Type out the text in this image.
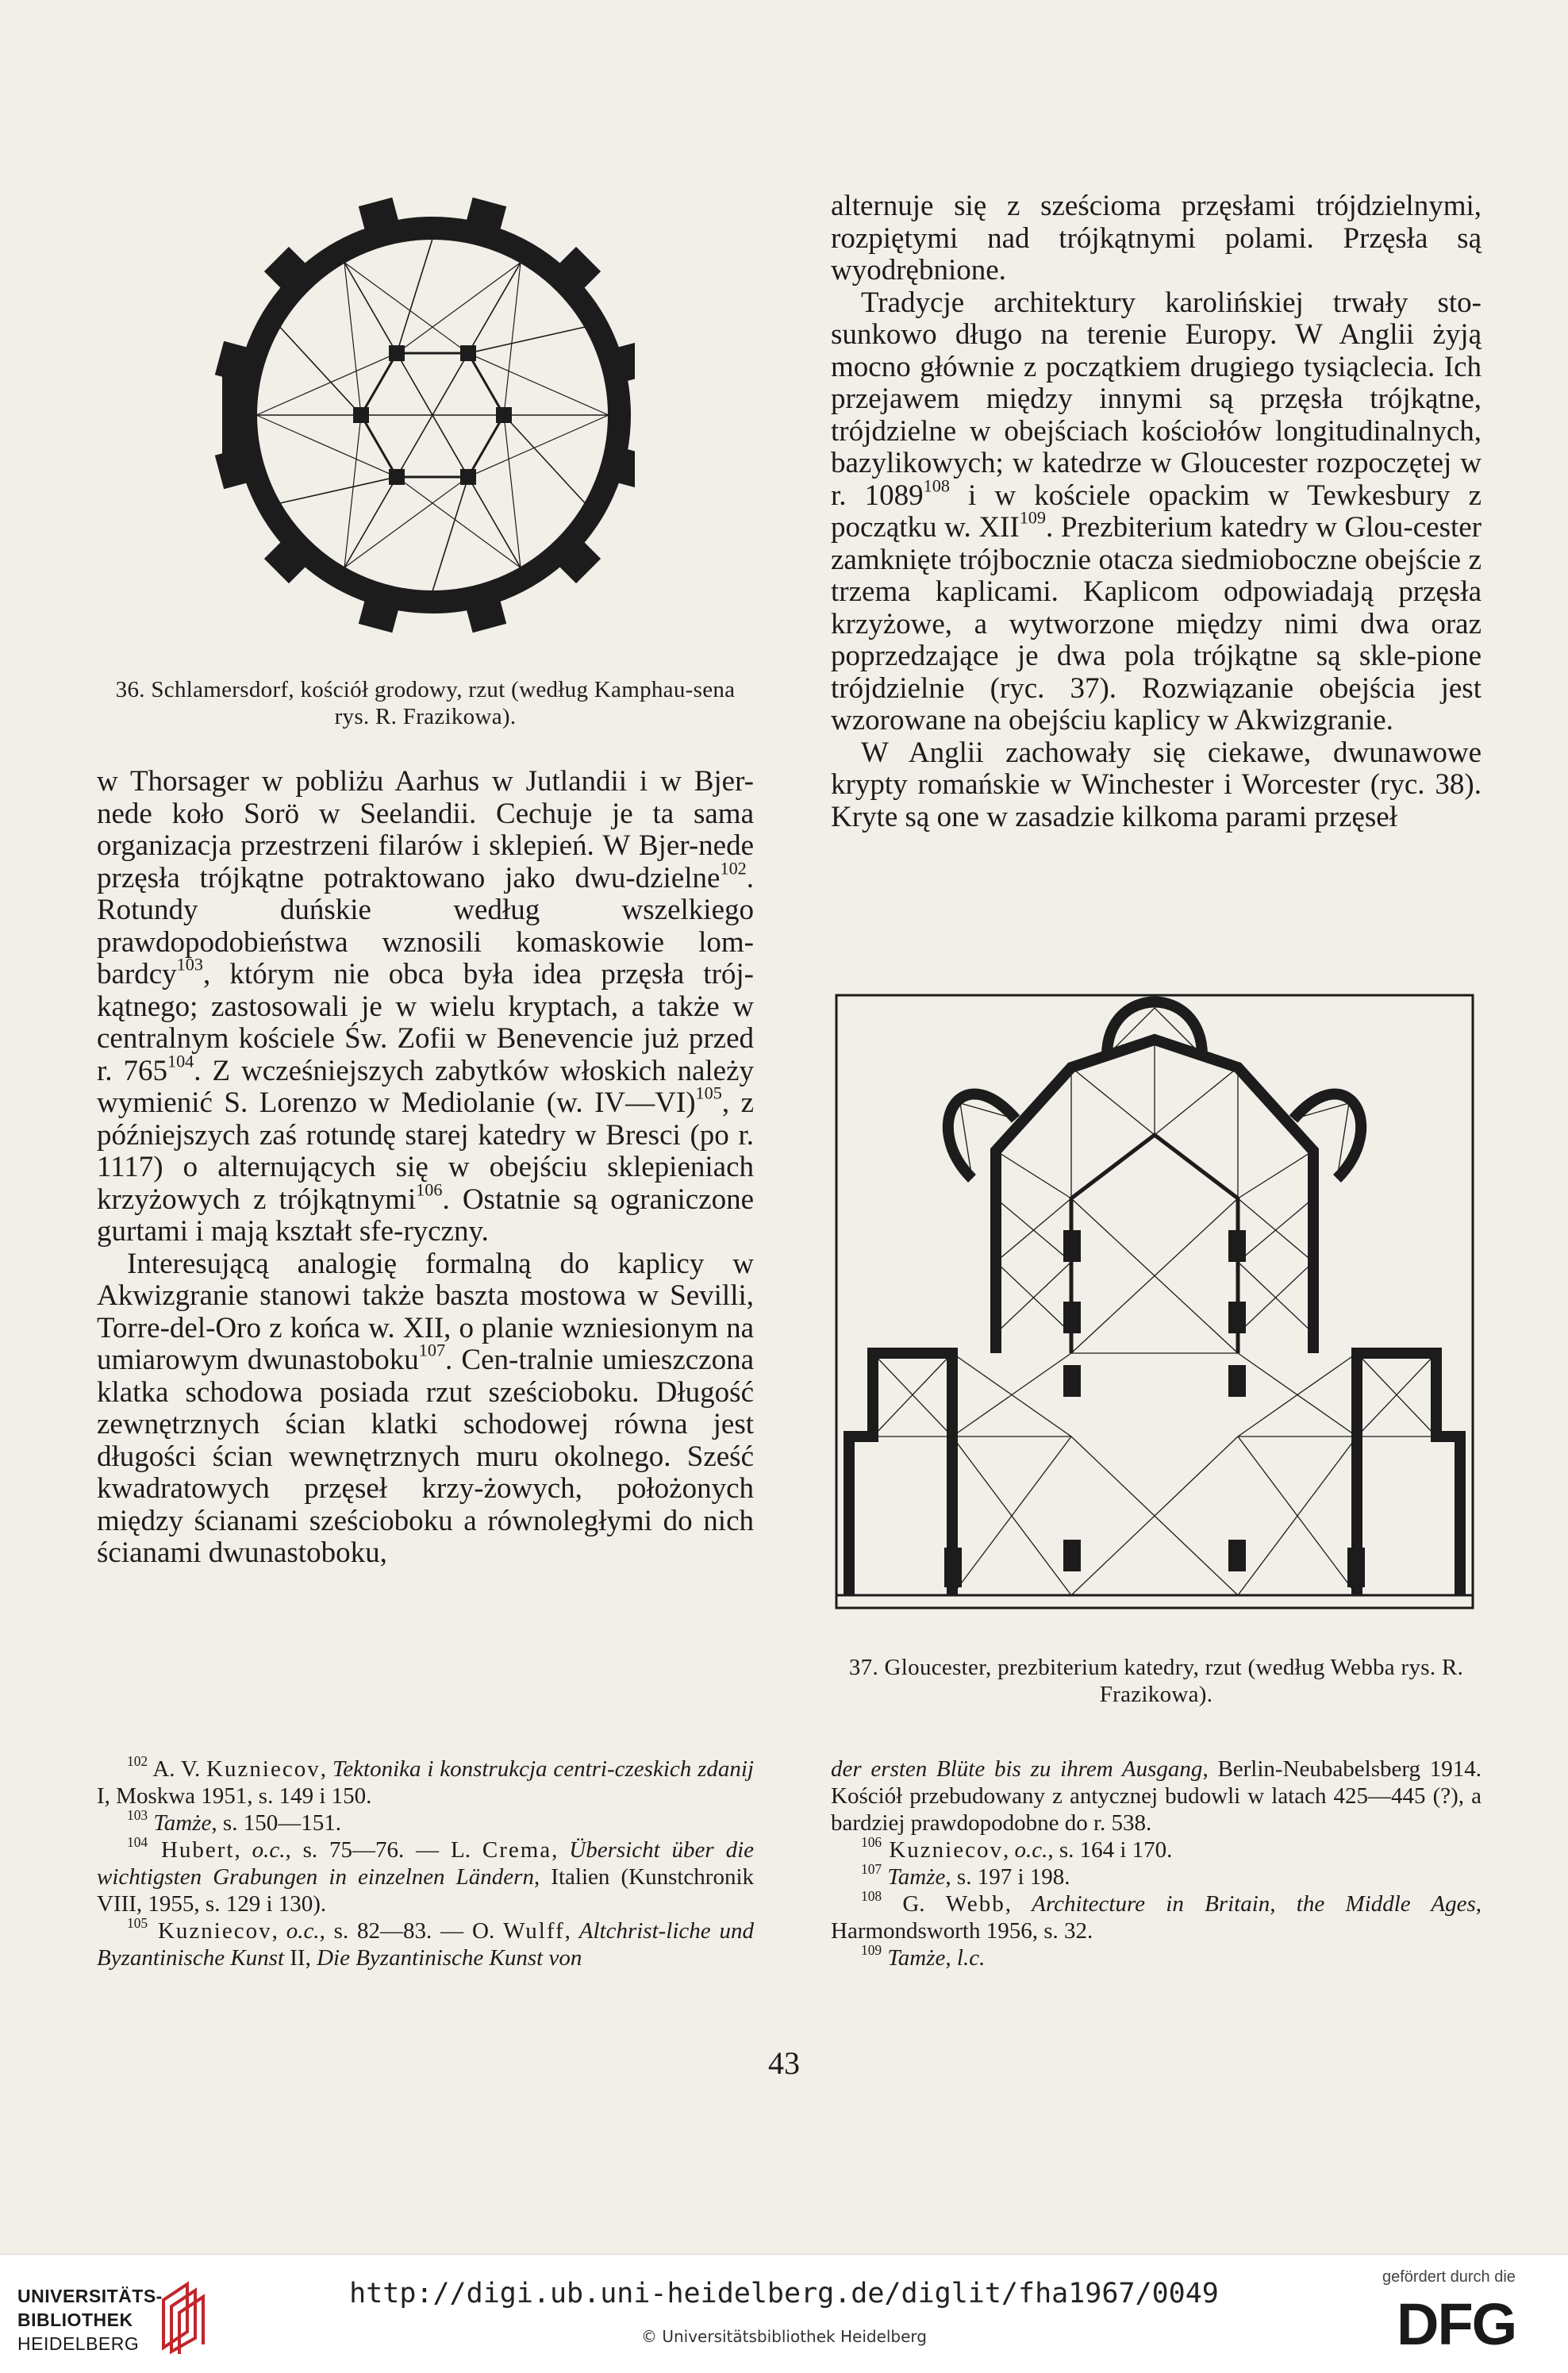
36. Schlamersdorf, kościół grodowy, rzut (według Kamphau-sena rys. R. Frazikowa).

w Thorsager w pobliżu Aarhus w Jutlandii i w Bjer-nede koło Sorö w Seelandii. Cechuje je ta sama organizacja przestrzeni filarów i sklepień. W Bjer-nede przęsła trójkątne potraktowano jako dwu-dzielne$^{102}$. Rotundy duńskie według wszelkiego prawdopodobieństwa wznosili komaskowie lom-bardcy$^{103}$, którym nie obca była idea przęsła trój-kątnego; zastosowali je w wielu kryptach, a także w centralnym kościele Św. Zofii w Benevencie już przed r. $765^{104}$. Z wcześniejszych zabytków włoskich należy wymienić S. Lorenzo w Mediolanie (w. IV—VI)$^{105}$, z późniejszych zaś rotundę starej katedry w Bresci (po r. 1117) o alternujących się w obejściu sklepieniach krzyżowych z trójkątnymi$^{106}$. Ostatnie są ograniczone gurtami i mają kształt sfe-ryczny.

Interesującą analogię formalną do kaplicy w Akwizgranie stanowi także baszta mostowa w Sevilli, Torre-del-Oro z końca w. XII, o planie wzniesionym na umiarowym dwunastoboku$^{107}$. Cen-tralnie umieszczona klatka schodowa posiada rzut sześcioboku. Długość zewnętrznych ścian klatki schodowej równa jest długości ścian wewnętrznych muru okolnego. Sześć kwadratowych przęseł krzy-żowych, położonych między ścianami sześcioboku a równoległymi do nich ścianami dwunastoboku,

alternuje się z sześcioma przęsłami trójdzielnymi, rozpiętymi nad trójkątnymi polami. Przęsła są wyodrębnione.

Tradycje architektury karolińskiej trwały sto-sunkowo długo na terenie Europy. W Anglii żyją mocno głównie z początkiem drugiego tysiąclecia. Ich przejawem między innymi są przęsła trójkątne, trójdzielne w obejściach kościołów longitudinalnych, bazylikowych; w katedrze w Gloucester rozpoczętej w r. 1089$^{108}$ i w kościele opackim w Tewkesbury z początku w. XII$^{109}$. Prezbiterium katedry w Glou-cester zamknięte trójbocznie otacza siedmioboczne obejście z trzema kaplicami. Kaplicom odpowiadają przęsła krzyżowe, a wytworzone między nimi dwa oraz poprzedzające je dwa pola trójkątne są skle-pione trójdzielnie (ryc. 37). Rozwiązanie obejścia jest wzorowane na obejściu kaplicy w Akwizgranie.

W Anglii zachowały się ciekawe, dwunawowe krypty romańskie w Winchester i Worcester (ryc. 38). Kryte są one w zasadzie kilkoma parami przęseł

37. Gloucester, prezbiterium katedry, rzut (według Webba rys. R. Frazikowa).

$^{102}$ A. V. Kuzniecov, Tektonika i konstrukcja centri-czeskich zdanij I, Moskwa 1951, s. 149 i 150.

$^{103}$ Tamże, s. 150—151.

$^{104}$ Hubert, o.c., s. 75—76. — L. Crema, Übersicht über die wichtigsten Grabungen in einzelnen Ländern, Italien (Kunstchronik VIII, 1955, s. 129 i 130).

$^{105}$ Kuzniecov, o.c., s. 82—83. — O. Wulff, Altchrist-liche und Byzantinische Kunst II, Die Byzantinische Kunst von

der ersten Blüte bis zu ihrem Ausgang, Berlin-Neubabelsberg 1914. Kościół przebudowany z antycznej budowli w latach 425—445 (?), a bardziej prawdopodobne do r. 538.

$^{106}$ Kuzniecov, o.c., s. 164 i 170.

$^{107}$ Tamże, s. 197 i 198.

$^{108}$ G. Webb, Architecture in Britain, the Middle Ages, Harmondsworth 1956, s. 32.

$^{109}$ Tamże, l.c.

43
UNIVERSITÄTS-
BIBLIOTHEK
HEIDELBERG
http://digi.ub.uni-heidelberg.de/diglit/fha1967/0049
© Universitätsbibliothek Heidelberg
gefördert durch die
DFG
